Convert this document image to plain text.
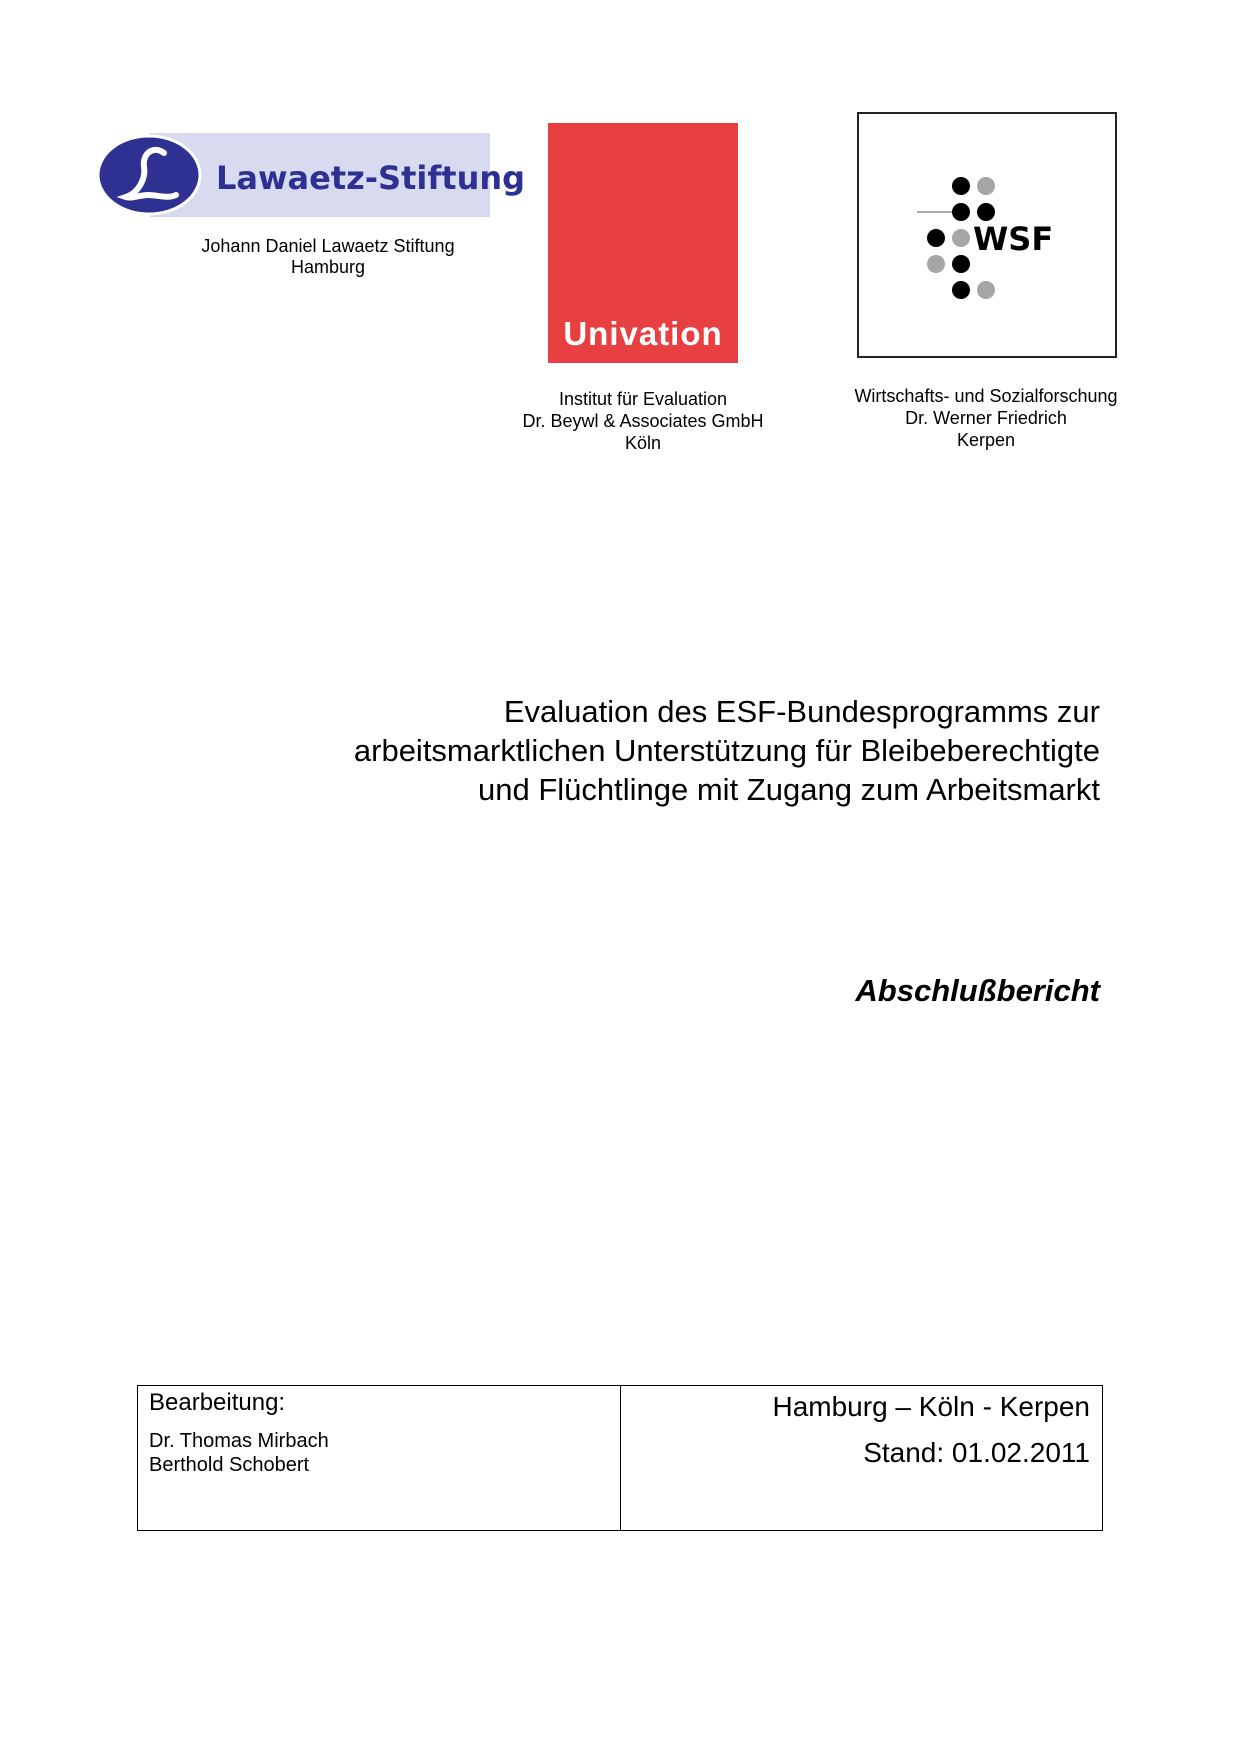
Lawaetz-Stiftung
Johann Daniel Lawaetz Stiftung
Hamburg
Univation
Institut für Evaluation
Dr. Beywl & Associates GmbH
Köln
WSF
Wirtschafts- und Sozialforschung
Dr. Werner Friedrich
Kerpen
Evaluation des ESF-Bundesprogramms zur
arbeitsmarktlichen Unterstützung für Bleibeberechtigte
und Flüchtlinge mit Zugang zum Arbeitsmarkt
Abschlußbericht
Bearbeitung:
Dr. Thomas Mirbach
Berthold Schobert
Hamburg – Köln - Kerpen
Stand: 01.02.2011
